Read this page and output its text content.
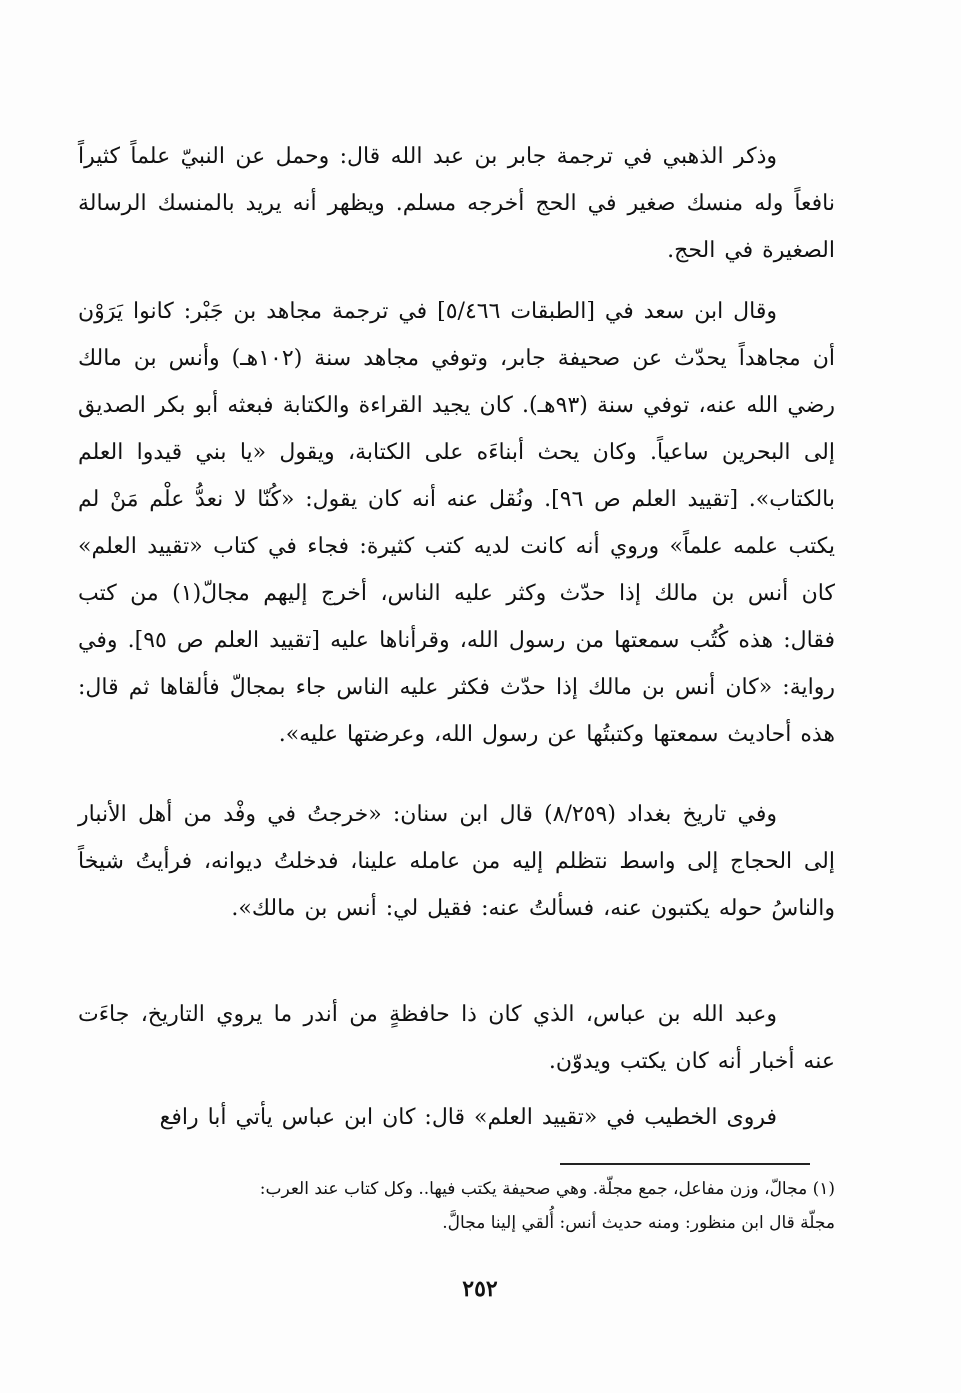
وذكر الذهبي في ترجمة جابر بن عبد الله قال: وحمل عن النبيّ علماً كثيراً نافعاً وله منسك صغير في الحج أخرجه مسلم. ويظهر أنه يريد بالمنسك الرسالة الصغيرة في الحج.

وقال ابن سعد في [الطبقات ٥/٤٦٦] في ترجمة مجاهد بن جَبْر: كانوا يَرَوْن أن مجاهداً يحدّث عن صحيفة جابر، وتوفي مجاهد سنة (١٠٢هـ) وأنس بن مالك رضي الله عنه، توفي سنة (٩٣هـ). كان يجيد القراءة والكتابة فبعثه أبو بكر الصديق إلى البحرين ساعياً. وكان يحث أبناءَه على الكتابة، ويقول «يا بني قيدوا العلم بالكتاب». [تقييد العلم ص ٩٦]. ونُقل عنه أنه كان يقول: «كُنّا لا نعدُّ علْم مَنْ لم يكتب علمه علماً» وروي أنه كانت لديه كتب كثيرة: فجاء في كتاب «تقييد العلم» كان أنس بن مالك إذا حدّث وكثر عليه الناس، أخرج إليهم مجالّ(١) من كتب فقال: هذه كُتُب سمعتها من رسول الله، وقرأناها عليه [تقييد العلم ص ٩٥]. وفي رواية: «كان أنس بن مالك إذا حدّث فكثر عليه الناس جاء بمجالّ فألقاها ثم قال: هذه أحاديث سمعتها وكتبتُها عن رسول الله، وعرضتها عليه».

وفي تاريخ بغداد (٨/٢٥٩) قال ابن سنان: «خرجتُ في وفْد من أهل الأنبار إلى الحجاج إلى واسط نتظلم إليه من عامله علينا، فدخلتُ ديوانه، فرأيتُ شيخاً والناسُ حوله يكتبون عنه، فسألتُ عنه: فقيل لي: أنس بن مالك».

وعبد الله بن عباس، الذي كان ذا حافظةٍ من أندر ما يروي التاريخ، جاءَت عنه أخبار أنه كان يكتب ويدوّن.

فروى الخطيب في «تقييد العلم» قال: كان ابن عباس يأتي أبا رافع

(١) مجالّ، وزن مفاعل، جمع مجلّة. وهي صحيفة يكتب فيها.. وكل كتاب عند العرب:

مجلّة قال ابن منظور: ومنه حديث أنس: أُلقي إلينا مجالَّ.

٢٥٢
